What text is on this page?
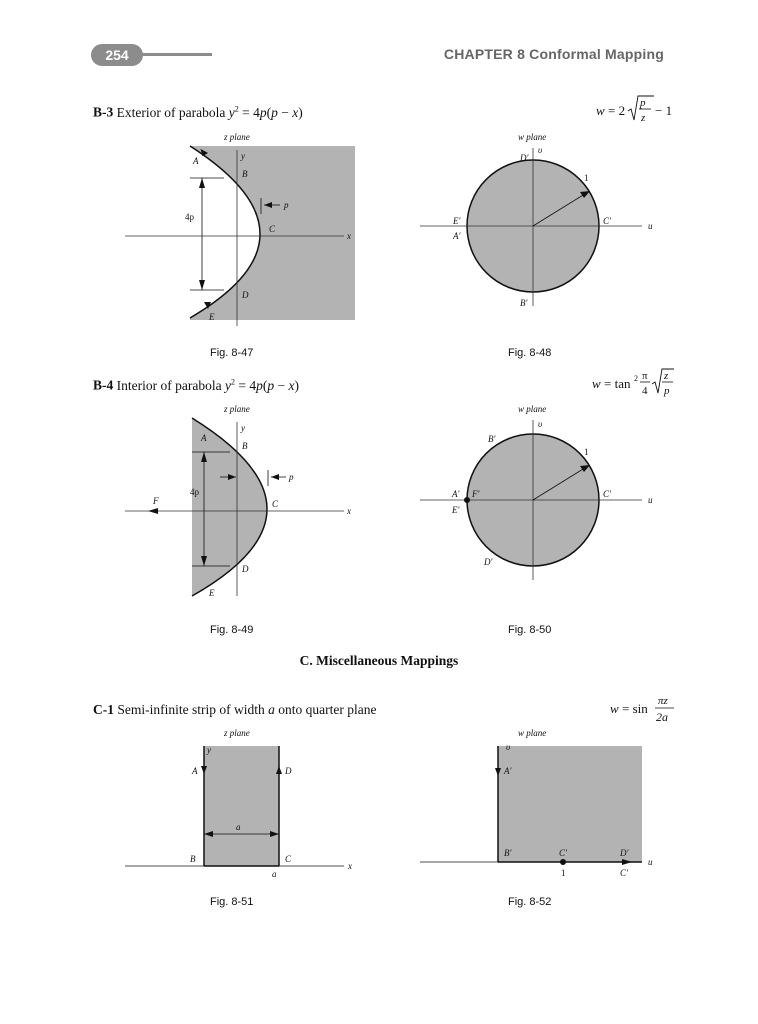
254	CHAPTER 8 Conformal Mapping
B-3 Exterior of parabola $y^2 = 4p(p - x)$	w = 2 p
z − 1
z plane
A	y
B
p
4p
C
x
D
E
w plane
D′
υ
1
C′	u
E′
A′
B′
Fig. 8-47	Fig. 8-48
B-4 Interior of parabola $y^2 = 4p(p - x)$	w = tan 2 π
4
z
p
z plane
A
y
B
p
4p
F	C
x
D
E
w plane
υ
B′
1
A′ F′
E′
C′
u
D′
Fig. 8-49	Fig. 8-50
C. Miscellaneous Mappings
C-1 Semi-infinite strip of width a onto quarter plane	w = sin πz
2a
z plane
y
A	D
a
B	C
a
x
w plane
υ
A′
B′	C′	D′
u
1	C′
Fig. 8-51	Fig. 8-52
